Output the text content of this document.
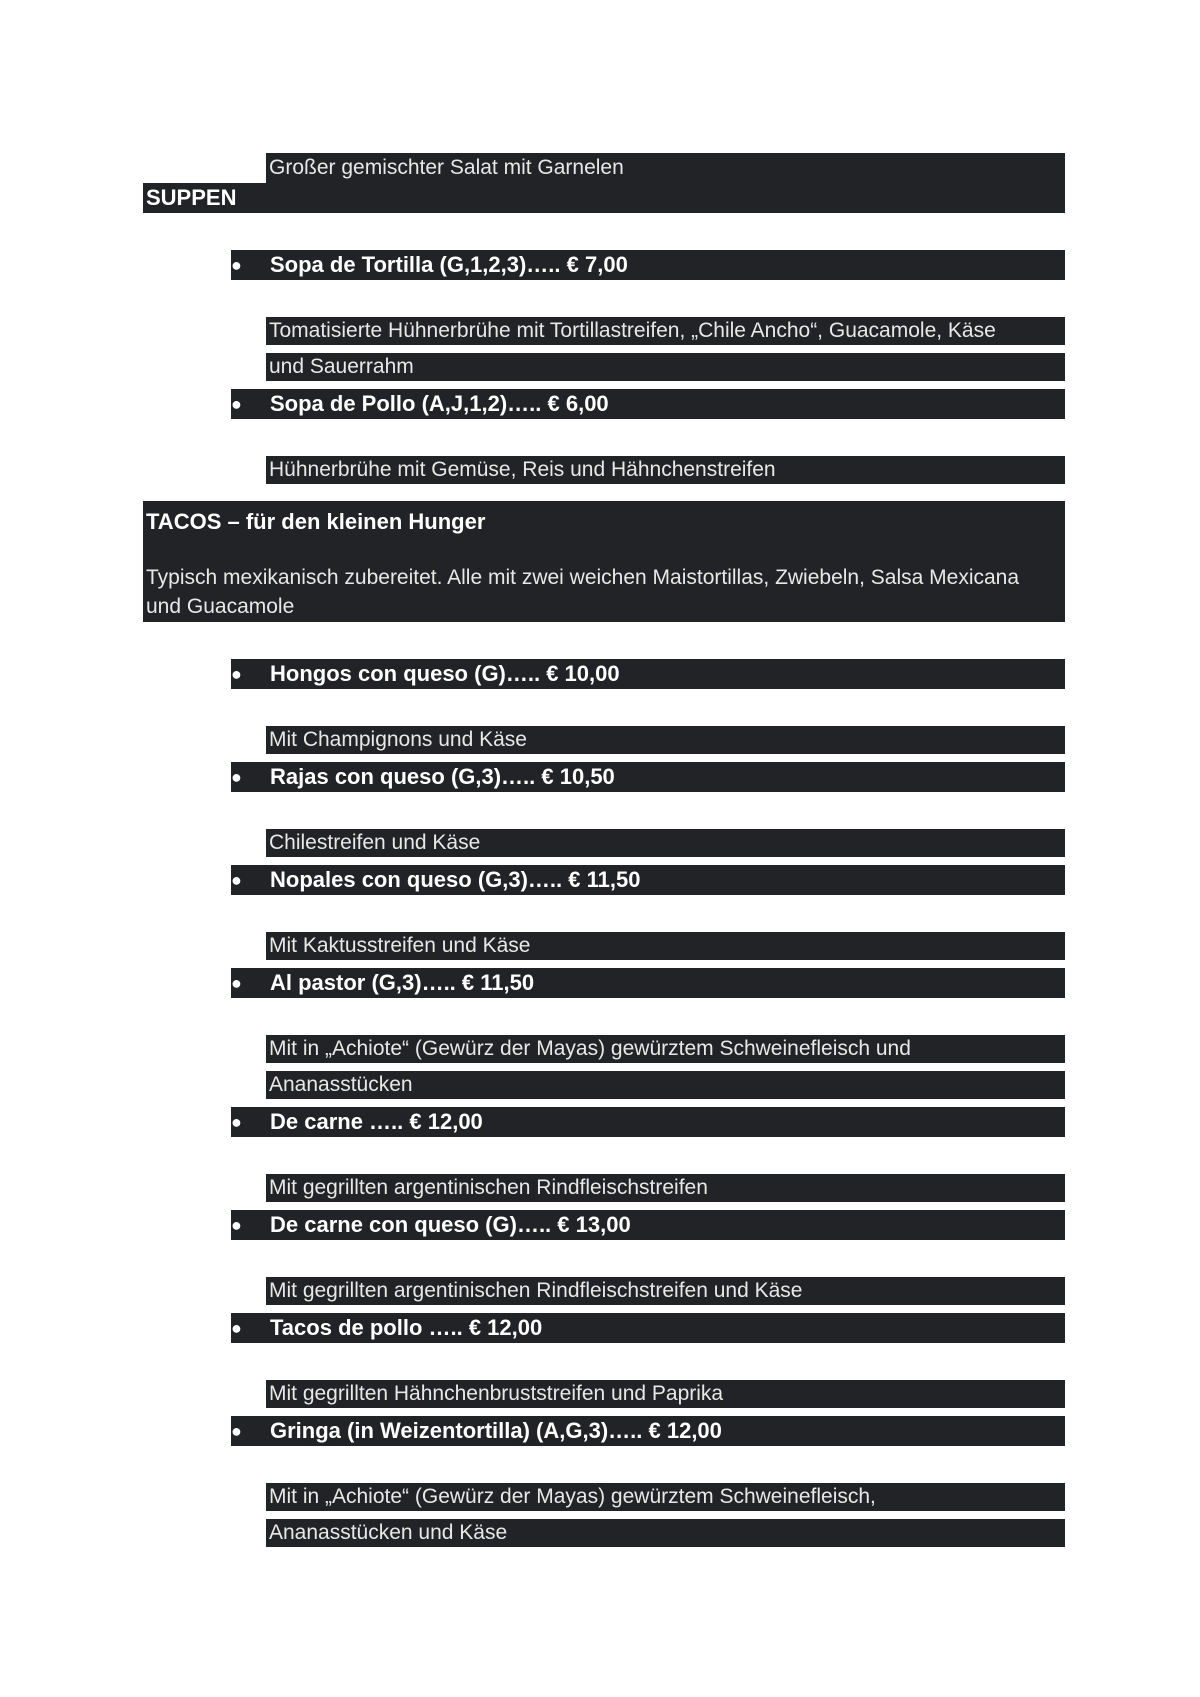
Großer gemischter Salat mit Garnelen
SUPPEN
● Sopa de Tortilla (G,1,2,3)….. € 7,00
Tomatisierte Hühnerbrühe mit Tortillastreifen, „Chile Ancho“, Guacamole, Käse
und Sauerrahm
● Sopa de Pollo (A,J,1,2)….. € 6,00
Hühnerbrühe mit Gemüse, Reis und Hähnchenstreifen
TACOS – für den kleinen Hunger
Typisch mexikanisch zubereitet. Alle mit zwei weichen Maistortillas, Zwiebeln, Salsa Mexicana und Guacamole
● Hongos con queso (G)….. € 10,00
Mit Champignons und Käse
● Rajas con queso (G,3)….. € 10,50
Chilestreifen und Käse
● Nopales con queso (G,3)….. € 11,50
Mit Kaktusstreifen und Käse
● Al pastor (G,3)….. € 11,50
Mit in „Achiote“ (Gewürz der Mayas) gewürztem Schweinefleisch und
Ananasstücken
● De carne ….. € 12,00
Mit gegrillten argentinischen Rindfleischstreifen
● De carne con queso (G)….. € 13,00
Mit gegrillten argentinischen Rindfleischstreifen und Käse
● Tacos de pollo ….. € 12,00
Mit gegrillten Hähnchenbruststreifen und Paprika
● Gringa (in Weizentortilla) (A,G,3)….. € 12,00
Mit in „Achiote“ (Gewürz der Mayas) gewürztem Schweinefleisch,
Ananasstücken und Käse
